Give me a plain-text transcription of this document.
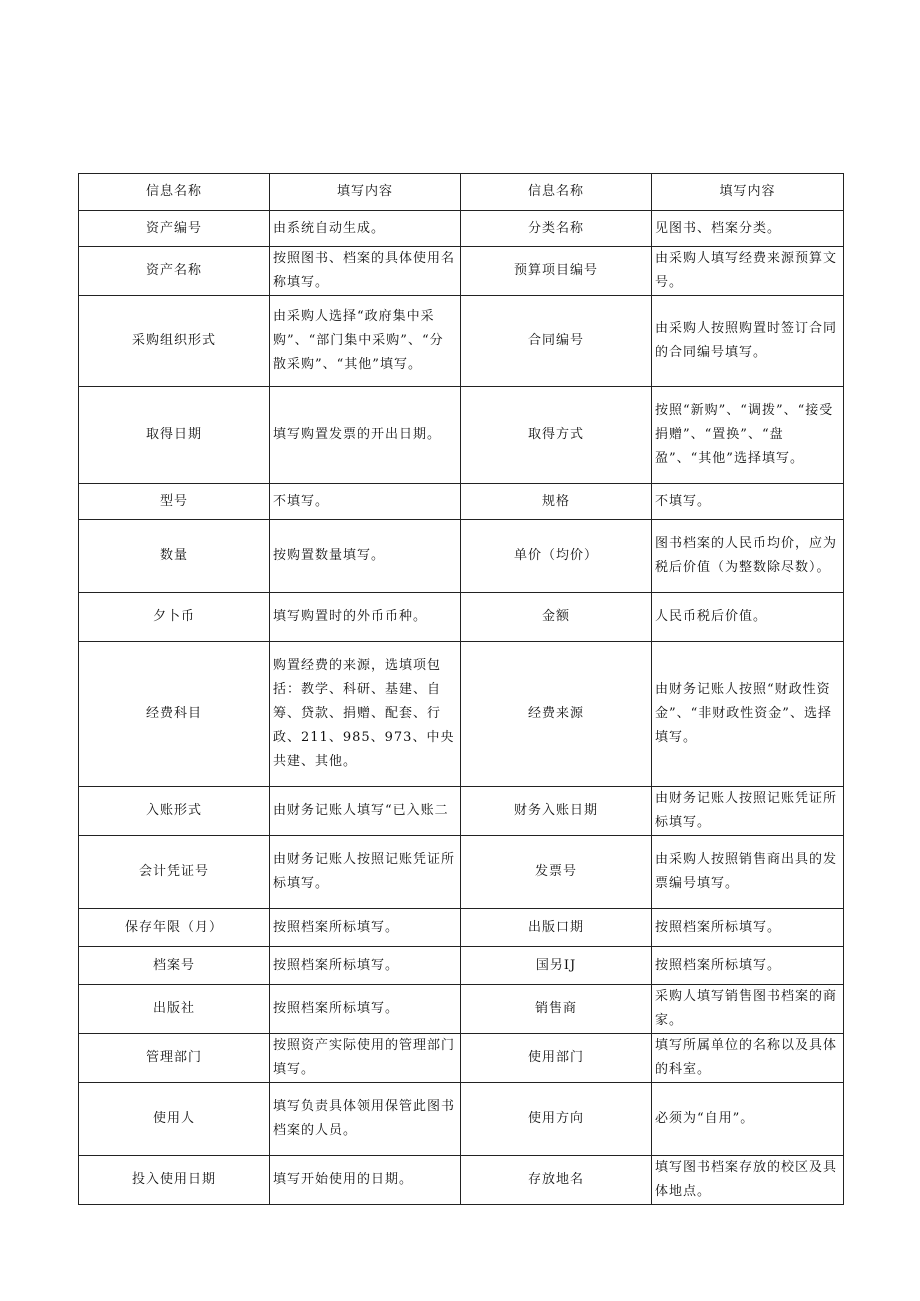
信息名称	填写内容	信息名称	填写内容
资产编号	由系统自动生成。	分类名称	见图书、档案分类。
资产名称	按照图书、档案的具体使用名称填写。	预算项目编号	由采购人填写经费来源预算文号。
采购组织形式	由采购人选择“政府集中采购”、“部门集中采购”、“分散采购”、“其他”填写。	合同编号	由采购人按照购置时签订合同的合同编号填写。
取得日期	填写购置发票的开出日期。	取得方式	按照“新购”、“调拨”、“接受捐赠”、“置换”、“盘盈”、“其他”选择填写。
型号	不填写。	规格	不填写。
数量	按购置数量填写。	单价（均价）	图书档案的人民币均价，应为税后价值（为整数除尽数）。
夕卜币	填写购置时的外币币种。	金额	人民币税后价值。
经费科目	购置经费的来源，选填项包括：教学、科研、基建、自筹、贷款、捐赠、配套、行政、211、985、973、中央共建、其他。	经费来源	由财务记账人按照“财政性资金”、“非财政性资金”、选择填写。
入账形式	由财务记账人填写“已入账二	财务入账日期	由财务记账人按照记账凭证所标填写。
会计凭证号	由财务记账人按照记账凭证所标填写。	发票号	由采购人按照销售商出具的发票编号填写。
保存年限（月）	按照档案所标填写。	出版口期	按照档案所标填写。
档案号	按照档案所标填写。	国另IJ	按照档案所标填写。
出版社	按照档案所标填写。	销售商	采购人填写销售图书档案的商家。
管理部门	按照资产实际使用的管理部门填写。	使用部门	填写所属单位的名称以及具体的科室。
使用人	填写负责具体领用保管此图书档案的人员。	使用方向	必须为“自用”。
投入使用日期	填写开始使用的日期。	存放地名	填写图书档案存放的校区及具体地点。
